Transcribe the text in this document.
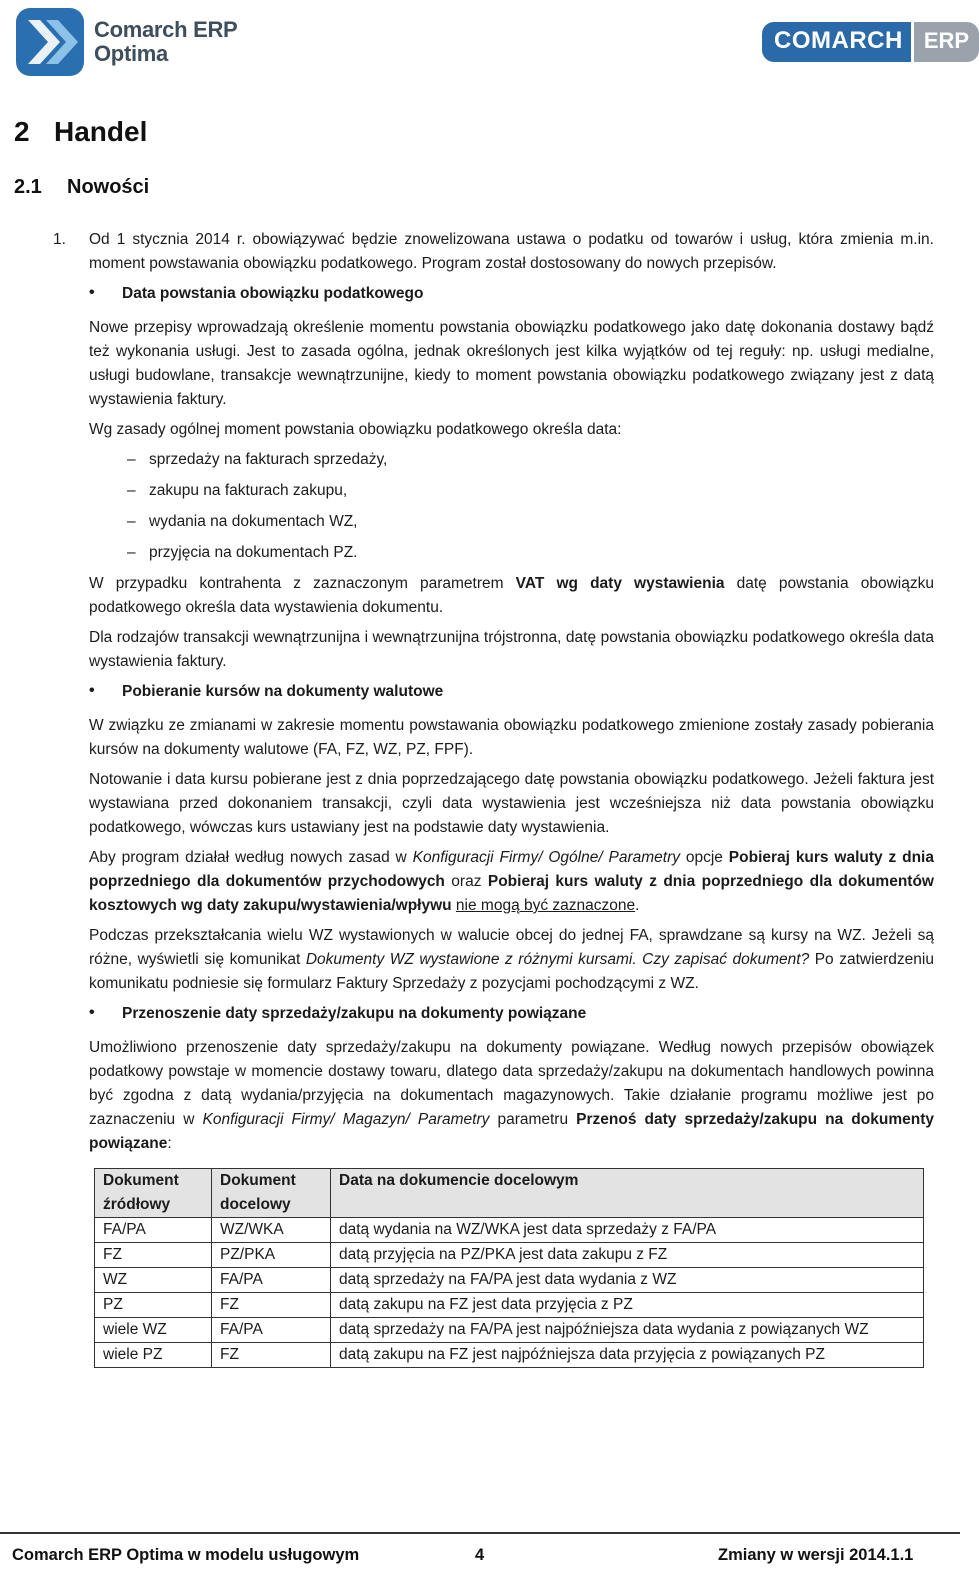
Comarch ERP
Optima	COMARCH ERP
2 Handel
2.1 Nowości

1. Od 1 stycznia 2014 r. obowiązywać będzie znowelizowana ustawa o podatku od towarów i usług, która zmienia m.in. moment powstawania obowiązku podatkowego. Program został dostosowany do nowych przepisów.

• Data powstania obowiązku podatkowego

Nowe przepisy wprowadzają określenie momentu powstania obowiązku podatkowego jako datę dokonania dostawy bądź też wykonania usługi. Jest to zasada ogólna, jednak określonych jest kilka wyjątków od tej reguły: np. usługi medialne, usługi budowlane, transakcje wewnątrzunijne, kiedy to moment powstania obowiązku podatkowego związany jest z datą wystawienia faktury.

Wg zasady ogólnej moment powstania obowiązku podatkowego określa data:

– sprzedaży na fakturach sprzedaży,
– zakupu na fakturach zakupu,
– wydania na dokumentach WZ,
– przyjęcia na dokumentach PZ.

W przypadku kontrahenta z zaznaczonym parametrem VAT wg daty wystawienia datę powstania obowiązku podatkowego określa data wystawienia dokumentu.

Dla rodzajów transakcji wewnątrzunijna i wewnątrzunijna trójstronna, datę powstania obowiązku podatkowego określa data wystawienia faktury.

• Pobieranie kursów na dokumenty walutowe

W związku ze zmianami w zakresie momentu powstawania obowiązku podatkowego zmienione zostały zasady pobierania kursów na dokumenty walutowe (FA, FZ, WZ, PZ, FPF).

Notowanie i data kursu pobierane jest z dnia poprzedzającego datę powstania obowiązku podatkowego. Jeżeli faktura jest wystawiana przed dokonaniem transakcji, czyli data wystawienia jest wcześniejsza niż data powstania obowiązku podatkowego, wówczas kurs ustawiany jest na podstawie daty wystawienia.

Aby program działał według nowych zasad w Konfiguracji Firmy/ Ogólne/ Parametry opcje Pobieraj kurs waluty z dnia poprzedniego dla dokumentów przychodowych oraz Pobieraj kurs waluty z dnia poprzedniego dla dokumentów kosztowych wg daty zakupu/wystawienia/wpływu nie mogą być zaznaczone.

Podczas przekształcania wielu WZ wystawionych w walucie obcej do jednej FA, sprawdzane są kursy na WZ. Jeżeli są różne, wyświetli się komunikat Dokumenty WZ wystawione z różnymi kursami. Czy zapisać dokument? Po zatwierdzeniu komunikatu podniesie się formularz Faktury Sprzedaży z pozycjami pochodzącymi z WZ.

• Przenoszenie daty sprzedaży/zakupu na dokumenty powiązane

Umożliwiono przenoszenie daty sprzedaży/zakupu na dokumenty powiązane. Według nowych przepisów obowiązek podatkowy powstaje w momencie dostawy towaru, dlatego data sprzedaży/zakupu na dokumentach handlowych powinna być zgodna z datą wydania/przyjęcia na dokumentach magazynowych. Takie działanie programu możliwe jest po zaznaczeniu w Konfiguracji Firmy/ Magazyn/ Parametry parametru Przenoś daty sprzedaży/zakupu na dokumenty powiązane:

Dokument źródłowy	Dokument docelowy	Data na dokumencie docelowym
FA/PA	WZ/WKA	datą wydania na WZ/WKA jest data sprzedaży z FA/PA
FZ	PZ/PKA	datą przyjęcia na PZ/PKA jest data zakupu z FZ
WZ	FA/PA	datą sprzedaży na FA/PA jest data wydania z WZ
PZ	FZ	datą zakupu na FZ jest data przyjęcia z PZ
wiele WZ	FA/PA	datą sprzedaży na FA/PA jest najpóźniejsza data wydania z powiązanych WZ
wiele PZ	FZ	datą zakupu na FZ jest najpóźniejsza data przyjęcia z powiązanych PZ
Comarch ERP Optima w modelu usługowym	4	Zmiany w wersji 2014.1.1
